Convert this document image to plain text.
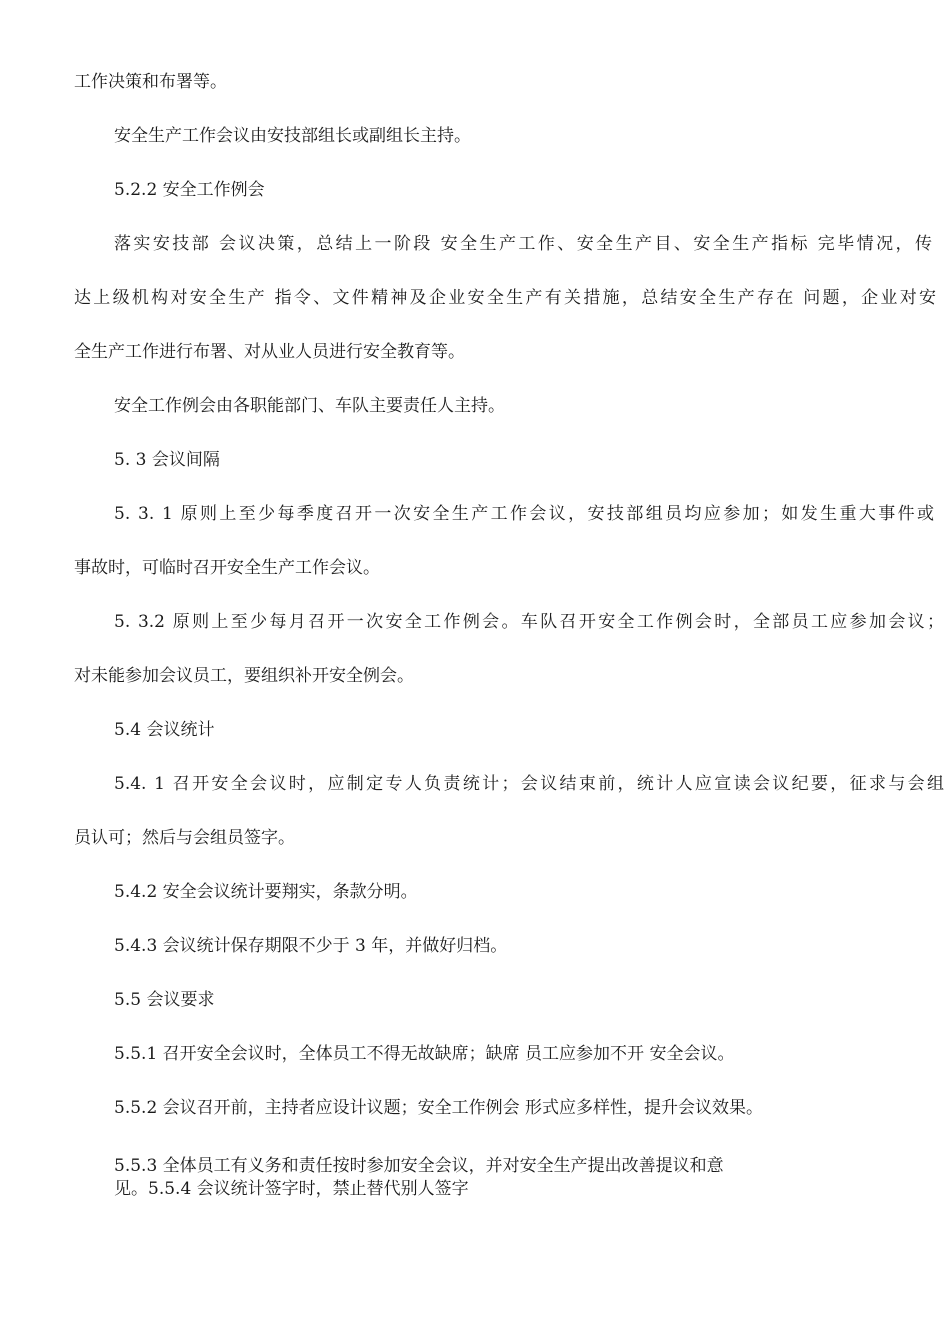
工作决策和布署等。
安全生产工作会议由安技部组长或副组长主持。
5.2.2 安全工作例会
落实安技部 会议决策，总结上一阶段 安全生产工作、安全生产目、安全生产指标 完毕情况，传
达上级机构对安全生产 指令、文件精神及企业安全生产有关措施，总结安全生产存在 问题，企业对安
全生产工作进行布署、对从业人员进行安全教育等。
安全工作例会由各职能部门、车队主要责任人主持。
5. 3 会议间隔
5. 3. 1 原则上至少每季度召开一次安全生产工作会议，安技部组员均应参加；如发生重大事件或
事故时，可临时召开安全生产工作会议。
5. 3.2 原则上至少每月召开一次安全工作例会。车队召开安全工作例会时，全部员工应参加会议；
对未能参加会议员工，要组织补开安全例会。
5.4 会议统计
5.4. 1 召开安全会议时，应制定专人负责统计；会议结束前，统计人应宣读会议纪要，征求与会组
员认可；然后与会组员签字。
5.4.2 安全会议统计要翔实，条款分明。
5.4.3 会议统计保存期限不少于 3 年，并做好归档。
5.5 会议要求
5.5.1 召开安全会议时，全体员工不得无故缺席；缺席 员工应参加不开 安全会议。
5.5.2 会议召开前，主持者应设计议题；安全工作例会 形式应多样性，提升会议效果。
5.5.3 全体员工有义务和责任按时参加安全会议，并对安全生产提出改善提议和意
见。5.5.4 会议统计签字时，禁止替代别人签字
